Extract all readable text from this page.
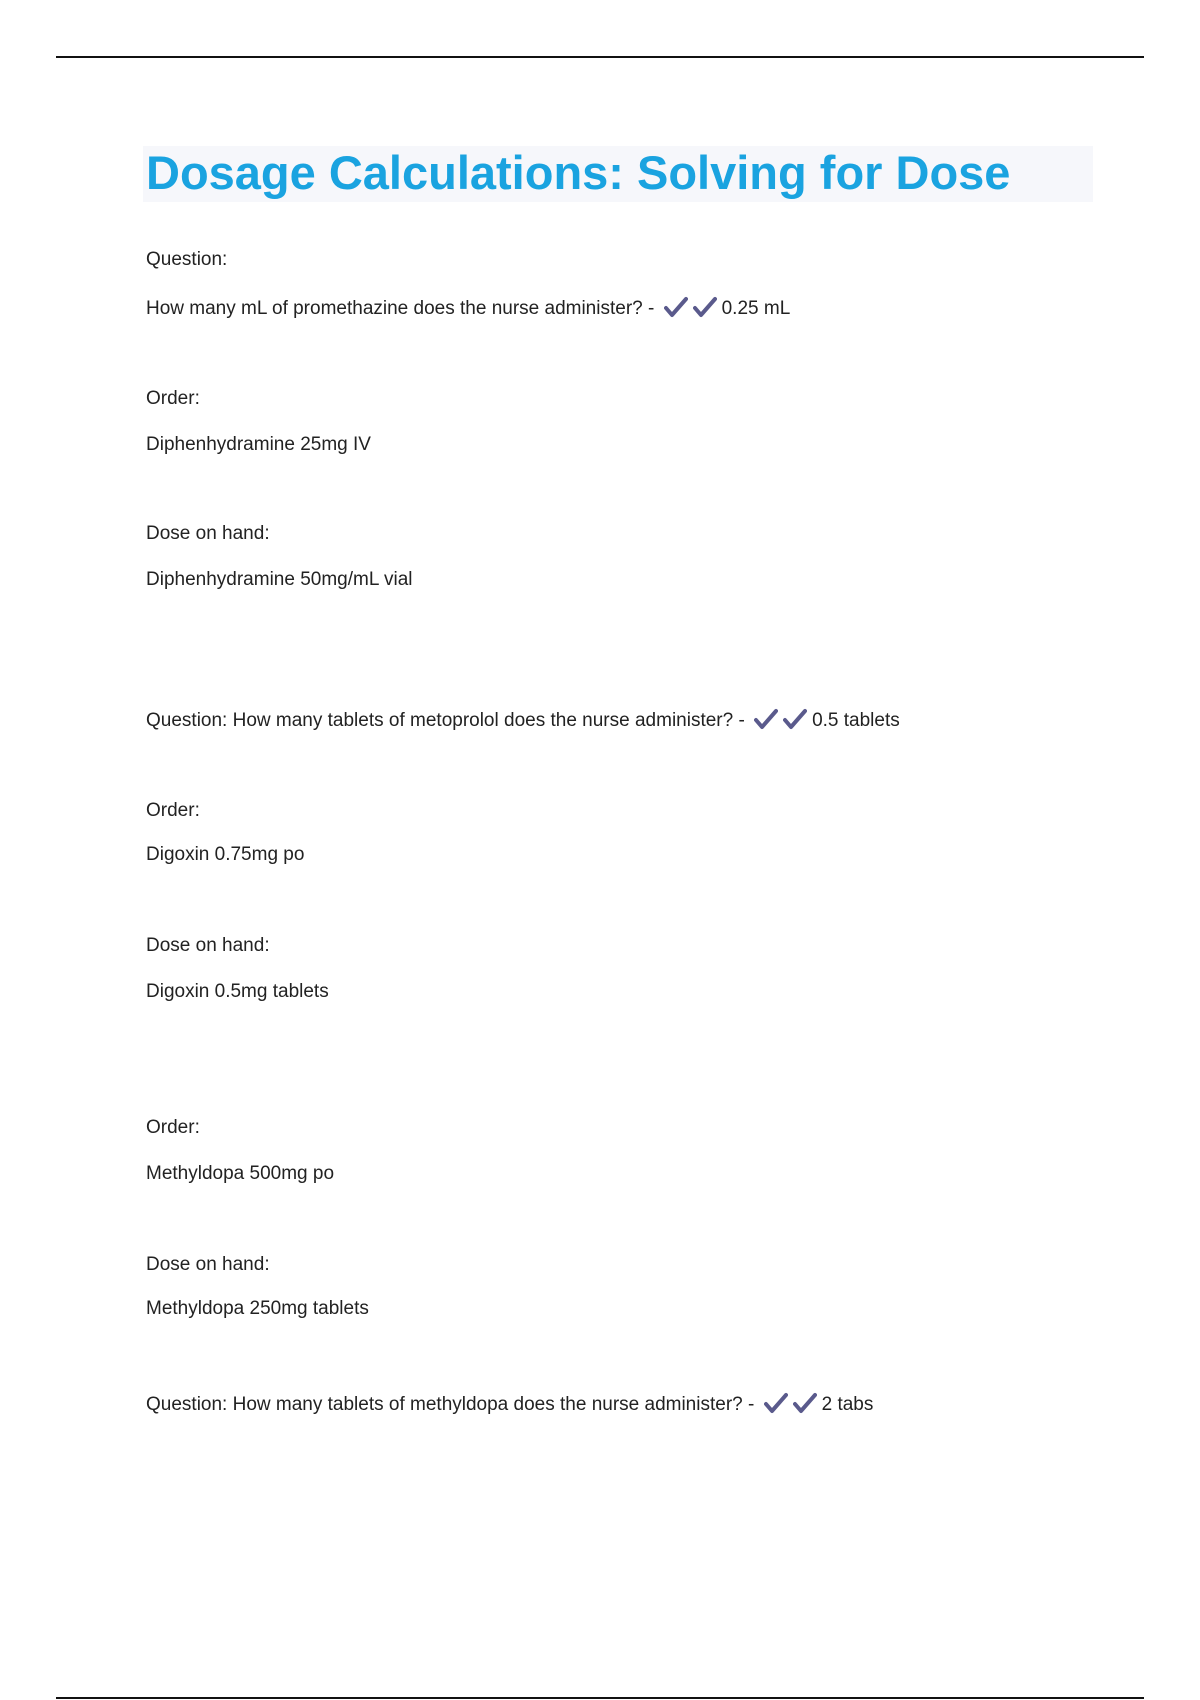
Dosage Calculations: Solving for Dose
Question:
How many mL of promethazine does the nurse administer? -	0.25 mL
Order:
Diphenhydramine 25mg IV
Dose on hand:
Diphenhydramine 50mg/mL vial
Question: How many tablets of metoprolol does the nurse administer? -	0.5 tablets
Order:
Digoxin 0.75mg po
Dose on hand:
Digoxin 0.5mg tablets
Order:
Methyldopa 500mg po
Dose on hand:
Methyldopa 250mg tablets
Question: How many tablets of methyldopa does the nurse administer? -	2 tabs
